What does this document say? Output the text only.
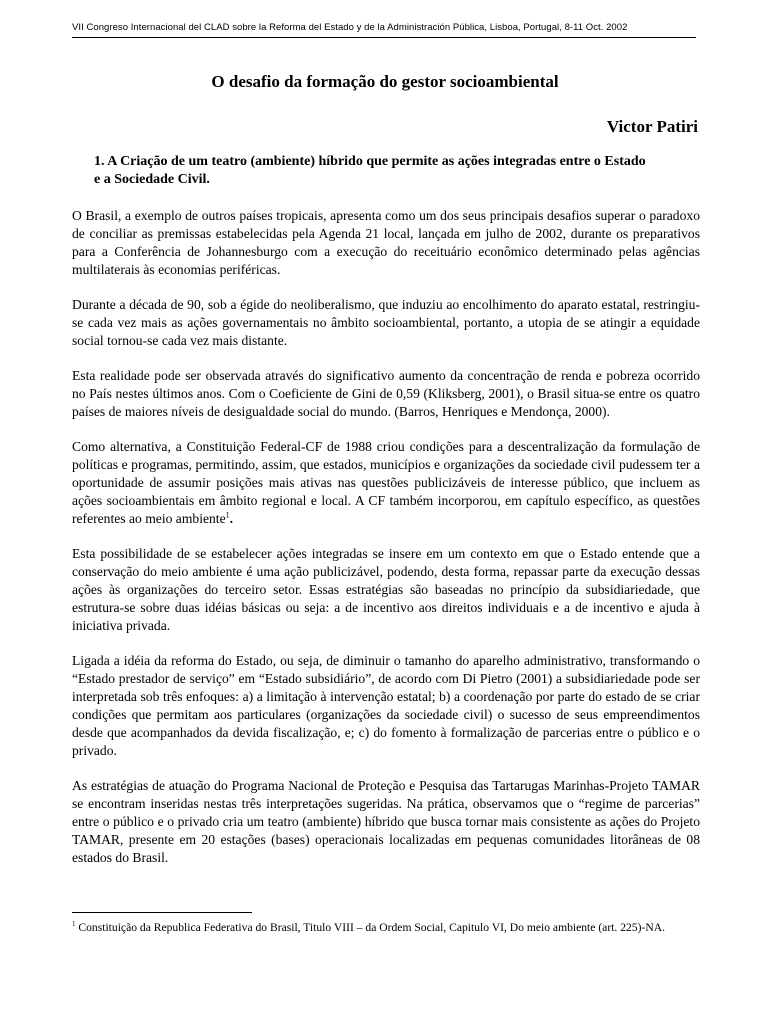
VII Congreso Internacional del CLAD sobre la Reforma del Estado y de la Administración Pública, Lisboa, Portugal, 8-11 Oct. 2002
O desafio da formação do gestor socioambiental
Victor Patiri
1. A Criação de um teatro (ambiente) híbrido que permite as ações integradas entre o Estado
e a Sociedade Civil.

O Brasil, a exemplo de outros países tropicais, apresenta como um dos seus principais desafios superar o paradoxo de conciliar as premissas estabelecidas pela Agenda 21 local, lançada em julho de 2002, durante os preparativos para a Conferência de Johannesburgo com a execução do receituário econômico determinado pelas agências multilaterais às economias periféricas.

Durante a década de 90, sob a égide do neoliberalismo, que induziu ao encolhimento do aparato estatal, restringiu-se cada vez mais as ações governamentais no âmbito socioambiental, portanto, a utopia de se atingir a equidade social tornou-se cada vez mais distante.

Esta realidade pode ser observada através do significativo aumento da concentração de renda e pobreza ocorrido no País nestes últimos anos. Com o Coeficiente de Gini de 0,59 (Kliksberg, 2001), o Brasil situa-se entre os quatro países de maiores níveis de desigualdade social do mundo. (Barros, Henriques e Mendonça, 2000).

Como alternativa, a Constituição Federal-CF de 1988 criou condições para a descentralização da formulação de políticas e programas, permitindo, assim, que estados, municípios e organizações da sociedade civil pudessem ter a oportunidade de assumir posições mais ativas nas questões publicizáveis de interesse público, que incluem as ações socioambientais em âmbito regional e local. A CF também incorporou, em capítulo específico, as questões referentes ao meio ambiente$^1$.

Esta possibilidade de se estabelecer ações integradas se insere em um contexto em que o Estado entende que a conservação do meio ambiente é uma ação publicizável, podendo, desta forma, repassar parte da execução dessas ações às organizações do terceiro setor. Essas estratégias são baseadas no princípio da subsidiariedade, que estrutura-se sobre duas idéias básicas ou seja: a de incentivo aos direitos individuais e a de incentivo e ajuda à iniciativa privada.

Ligada a idéia da reforma do Estado, ou seja, de diminuir o tamanho do aparelho administrativo, transformando o “Estado prestador de serviço” em “Estado subsidiário”, de acordo com Di Pietro (2001) a subsidiariedade pode ser interpretada sob três enfoques: a) a limitação à intervenção estatal; b) a coordenação por parte do estado de se criar condições que permitam aos particulares (organizações da sociedade civil) o sucesso de seus empreendimentos desde que acompanhados da devida fiscalização, e; c) do fomento à formalização de parcerias entre o público e o privado.

As estratégias de atuação do Programa Nacional de Proteção e Pesquisa das Tartarugas Marinhas-Projeto TAMAR se encontram inseridas nestas três interpretações sugeridas. Na prática, observamos que o “regime de parcerias” entre o público e o privado cria um teatro (ambiente) híbrido que busca tornar mais consistente as ações do Projeto TAMAR, presente em 20 estações (bases) operacionais localizadas em pequenas comunidades litorâneas de 08 estados do Brasil.

$^1$ Constituição da Republica Federativa do Brasil, Titulo VIII – da Ordem Social, Capitulo VI, Do meio ambiente (art. 225)-NA.
